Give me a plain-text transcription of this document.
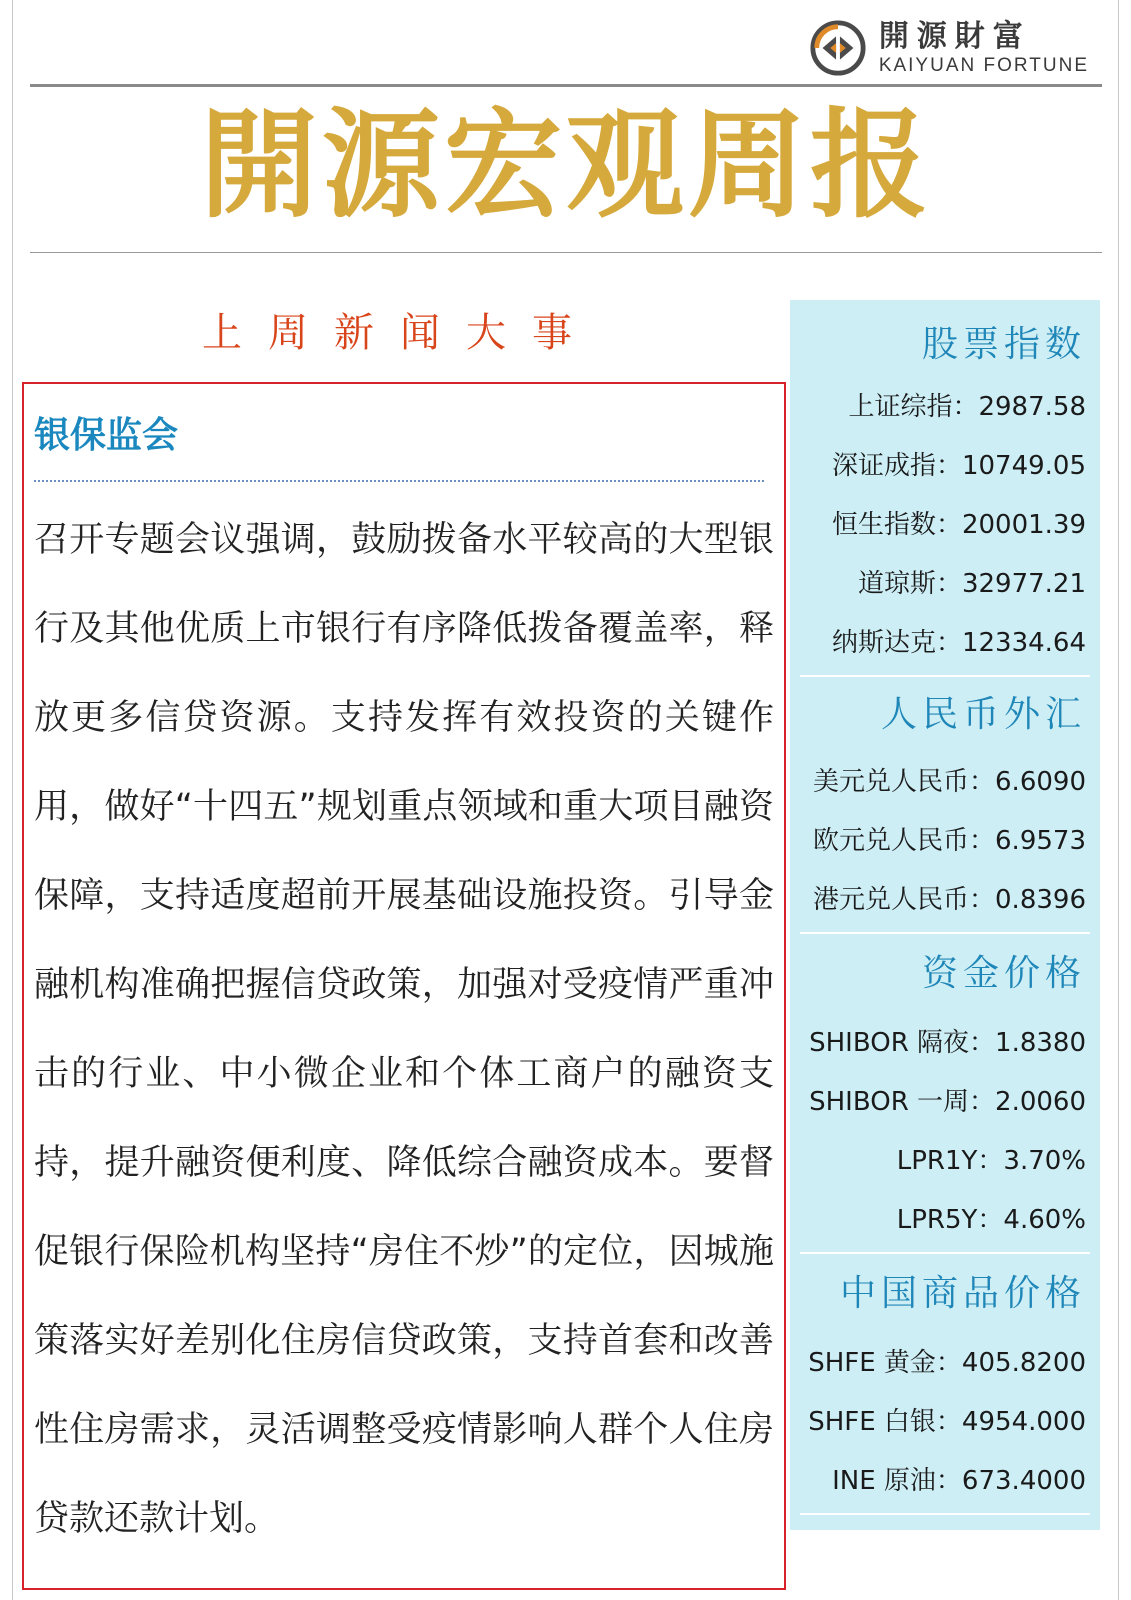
開源財富
KAIYUAN FORTUNE
開源宏观周报
上周新闻大事
银保监会
召开专题会议强调，鼓励拨备水平较高的大型银行及其他优质上市银行有序降低拨备覆盖率，释放更多信贷资源。支持发挥有效投资的关键作用，做好“十四五”规划重点领域和重大项目融资保障，支持适度超前开展基础设施投资。引导金融机构准确把握信贷政策，加强对受疫情严重冲击的行业、中小微企业和个体工商户的融资支持，提升融资便利度、降低综合融资成本。要督促银行保险机构坚持“房住不炒”的定位，因城施策落实好差别化住房信贷政策，支持首套和改善性住房需求，灵活调整受疫情影响人群个人住房贷款还款计划。
股票指数
上证综指：2987.58
深证成指：10749.05
恒生指数：20001.39
道琼斯：32977.21
纳斯达克：12334.64
人民币外汇
美元兑人民币：6.6090
欧元兑人民币：6.9573
港元兑人民币：0.8396
资金价格
SHIBOR 隔夜：1.8380
SHIBOR 一周：2.0060
LPR1Y：3.70%
LPR5Y：4.60%
中国商品价格
SHFE 黄金：405.8200
SHFE 白银：4954.000
INE 原油：673.4000
